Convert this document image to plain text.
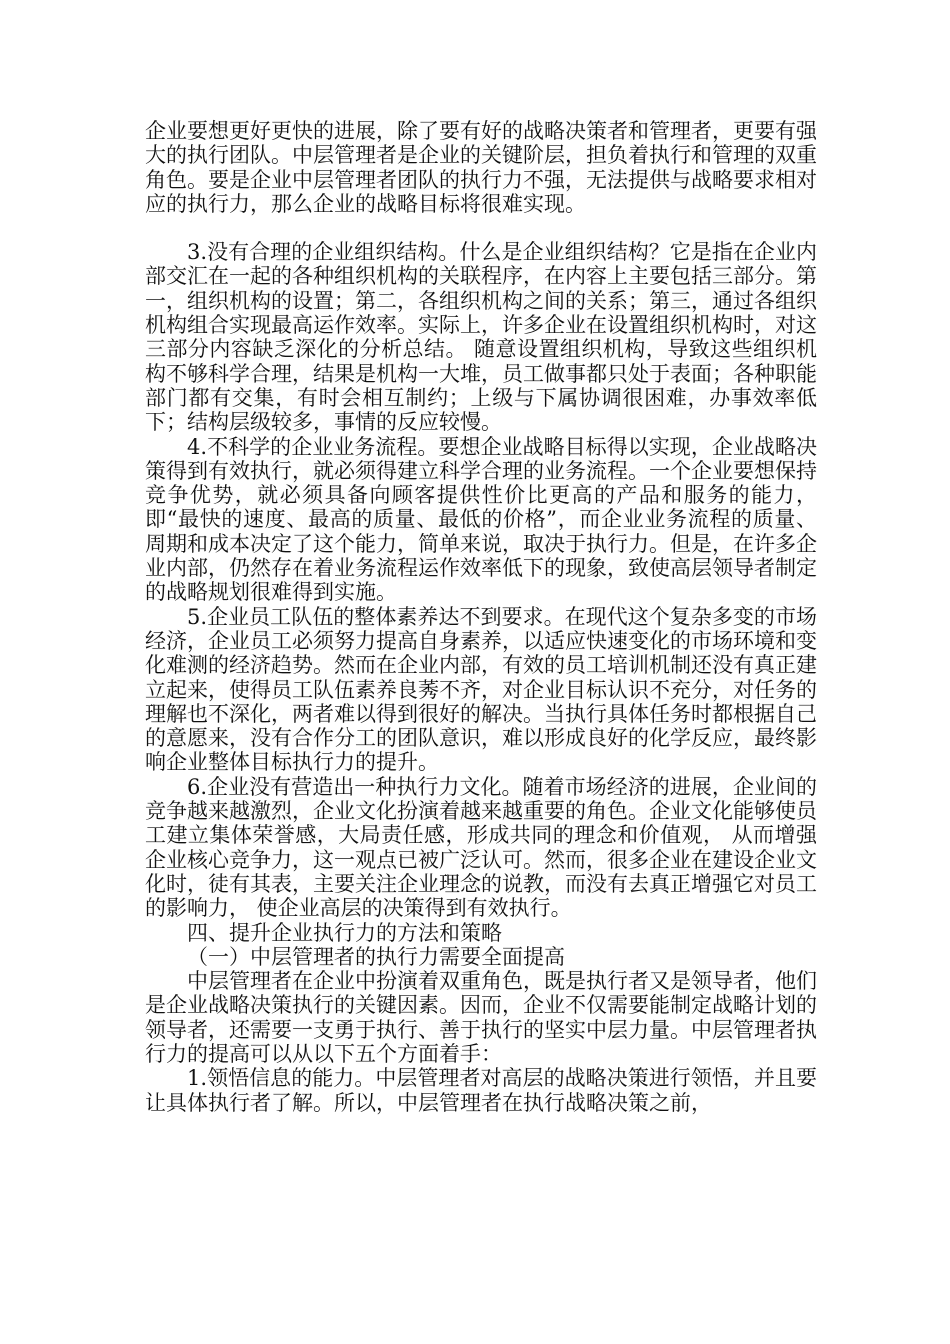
企业要想更好更快的进展，除了要有好的战略决策者和管理者，更要有强大的执行团队。中层管理者是企业的关键阶层，担负着执行和管理的双重角色。要是企业中层管理者团队的执行力不强，无法提供与战略要求相对应的执行力，那么企业的战略目标将很难实现。

3.没有合理的企业组织结构。什么是企业组织结构？它是指在企业内部交汇在一起的各种组织机构的关联程序，在内容上主要包括三部分。第一，组织机构的设置；第二，各组织机构之间的关系；第三，通过各组织机构组合实现最高运作效率。实际上，许多企业在设置组织机构时，对这三部分内容缺乏深化的分析总结。 随意设置组织机构，导致这些组织机构不够科学合理，结果是机构一大堆，员工做事都只处于表面；各种职能部门都有交集，有时会相互制约；上级与下属协调很困难，办事效率低下；结构层级较多，事情的反应较慢。

4.不科学的企业业务流程。要想企业战略目标得以实现，企业战略决策得到有效执行，就必须得建立科学合理的业务流程。一个企业要想保持竞争优势，就必须具备向顾客提供性价比更高的产品和服务的能力，即“最快的速度、最高的质量、最低的价格”，而企业业务流程的质量、周期和成本决定了这个能力，简单来说，取决于执行力。但是，在许多企业内部，仍然存在着业务流程运作效率低下的现象，致使高层领导者制定的战略规划很难得到实施。

5.企业员工队伍的整体素养达不到要求。在现代这个复杂多变的市场经济，企业员工必须努力提高自身素养，以适应快速变化的市场环境和变化难测的经济趋势。然而在企业内部，有效的员工培训机制还没有真正建立起来，使得员工队伍素养良莠不齐，对企业目标认识不充分，对任务的理解也不深化，两者难以得到很好的解决。当执行具体任务时都根据自己的意愿来，没有合作分工的团队意识，难以形成良好的化学反应，最终影响企业整体目标执行力的提升。

6.企业没有营造出一种执行力文化。随着市场经济的进展，企业间的竞争越来越激烈，企业文化扮演着越来越重要的角色。企业文化能够使员工建立集体荣誉感，大局责任感，形成共同的理念和价值观， 从而增强企业核心竞争力，这一观点已被广泛认可。然而，很多企业在建设企业文化时，徒有其表，主要关注企业理念的说教，而没有去真正增强它对员工的影响力， 使企业高层的决策得到有效执行。

四、提升企业执行力的方法和策略

（一）中层管理者的执行力需要全面提高

中层管理者在企业中扮演着双重角色，既是执行者又是领导者，他们是企业战略决策执行的关键因素。因而，企业不仅需要能制定战略计划的领导者，还需要一支勇于执行、善于执行的坚实中层力量。中层管理者执行力的提高可以从以下五个方面着手：

1.领悟信息的能力。中层管理者对高层的战略决策进行领悟，并且要让具体执行者了解。所以，中层管理者在执行战略决策之前，
